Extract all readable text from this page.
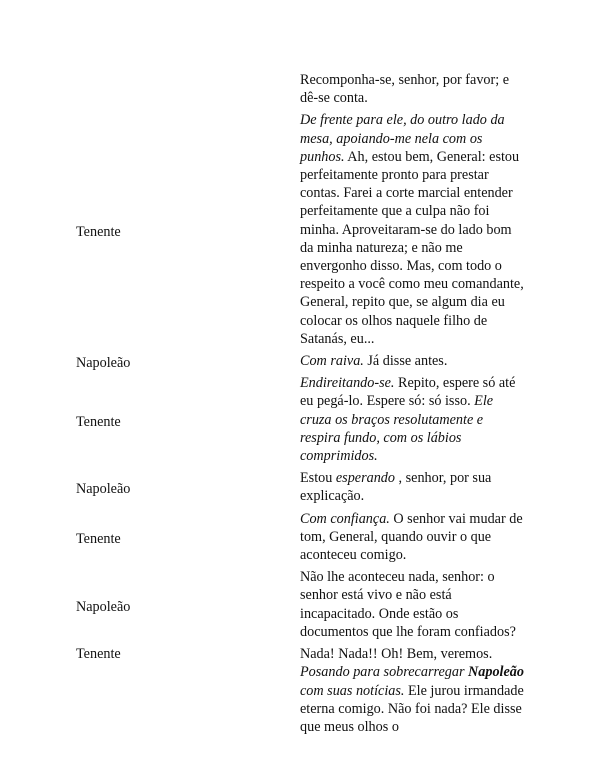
	Recomponha-se, senhor, por favor; e dê-se conta.
Tenente	De frente para ele, do outro lado da mesa, apoiando-me nela com os punhos. Ah, estou bem, General: estou perfeitamente pronto para prestar contas. Farei a corte marcial entender perfeitamente que a culpa não foi minha. Aproveitaram-se do lado bom da minha natureza; e não me envergonho disso. Mas, com todo o respeito a você como meu comandante, General, repito que, se algum dia eu colocar os olhos naquele filho de Satanás, eu...
Napoleão	Com raiva. Já disse antes.
Tenente	Endireitando-se. Repito, espere só até eu pegá-lo. Espere só: só isso. Ele cruza os braços resolutamente e respira fundo, com os lábios comprimidos.
Napoleão	Estou esperando , senhor, por sua explicação.
Tenente	Com confiança. O senhor vai mudar de tom, General, quando ouvir o que aconteceu comigo.
Napoleão	Não lhe aconteceu nada, senhor: o senhor está vivo e não está incapacitado. Onde estão os documentos que lhe foram confiados?
Tenente	Nada! Nada!! Oh! Bem, veremos. Posando para sobrecarregar Napoleão com suas notícias. Ele jurou irmandade eterna comigo. Não foi nada? Ele disse que meus olhos o
